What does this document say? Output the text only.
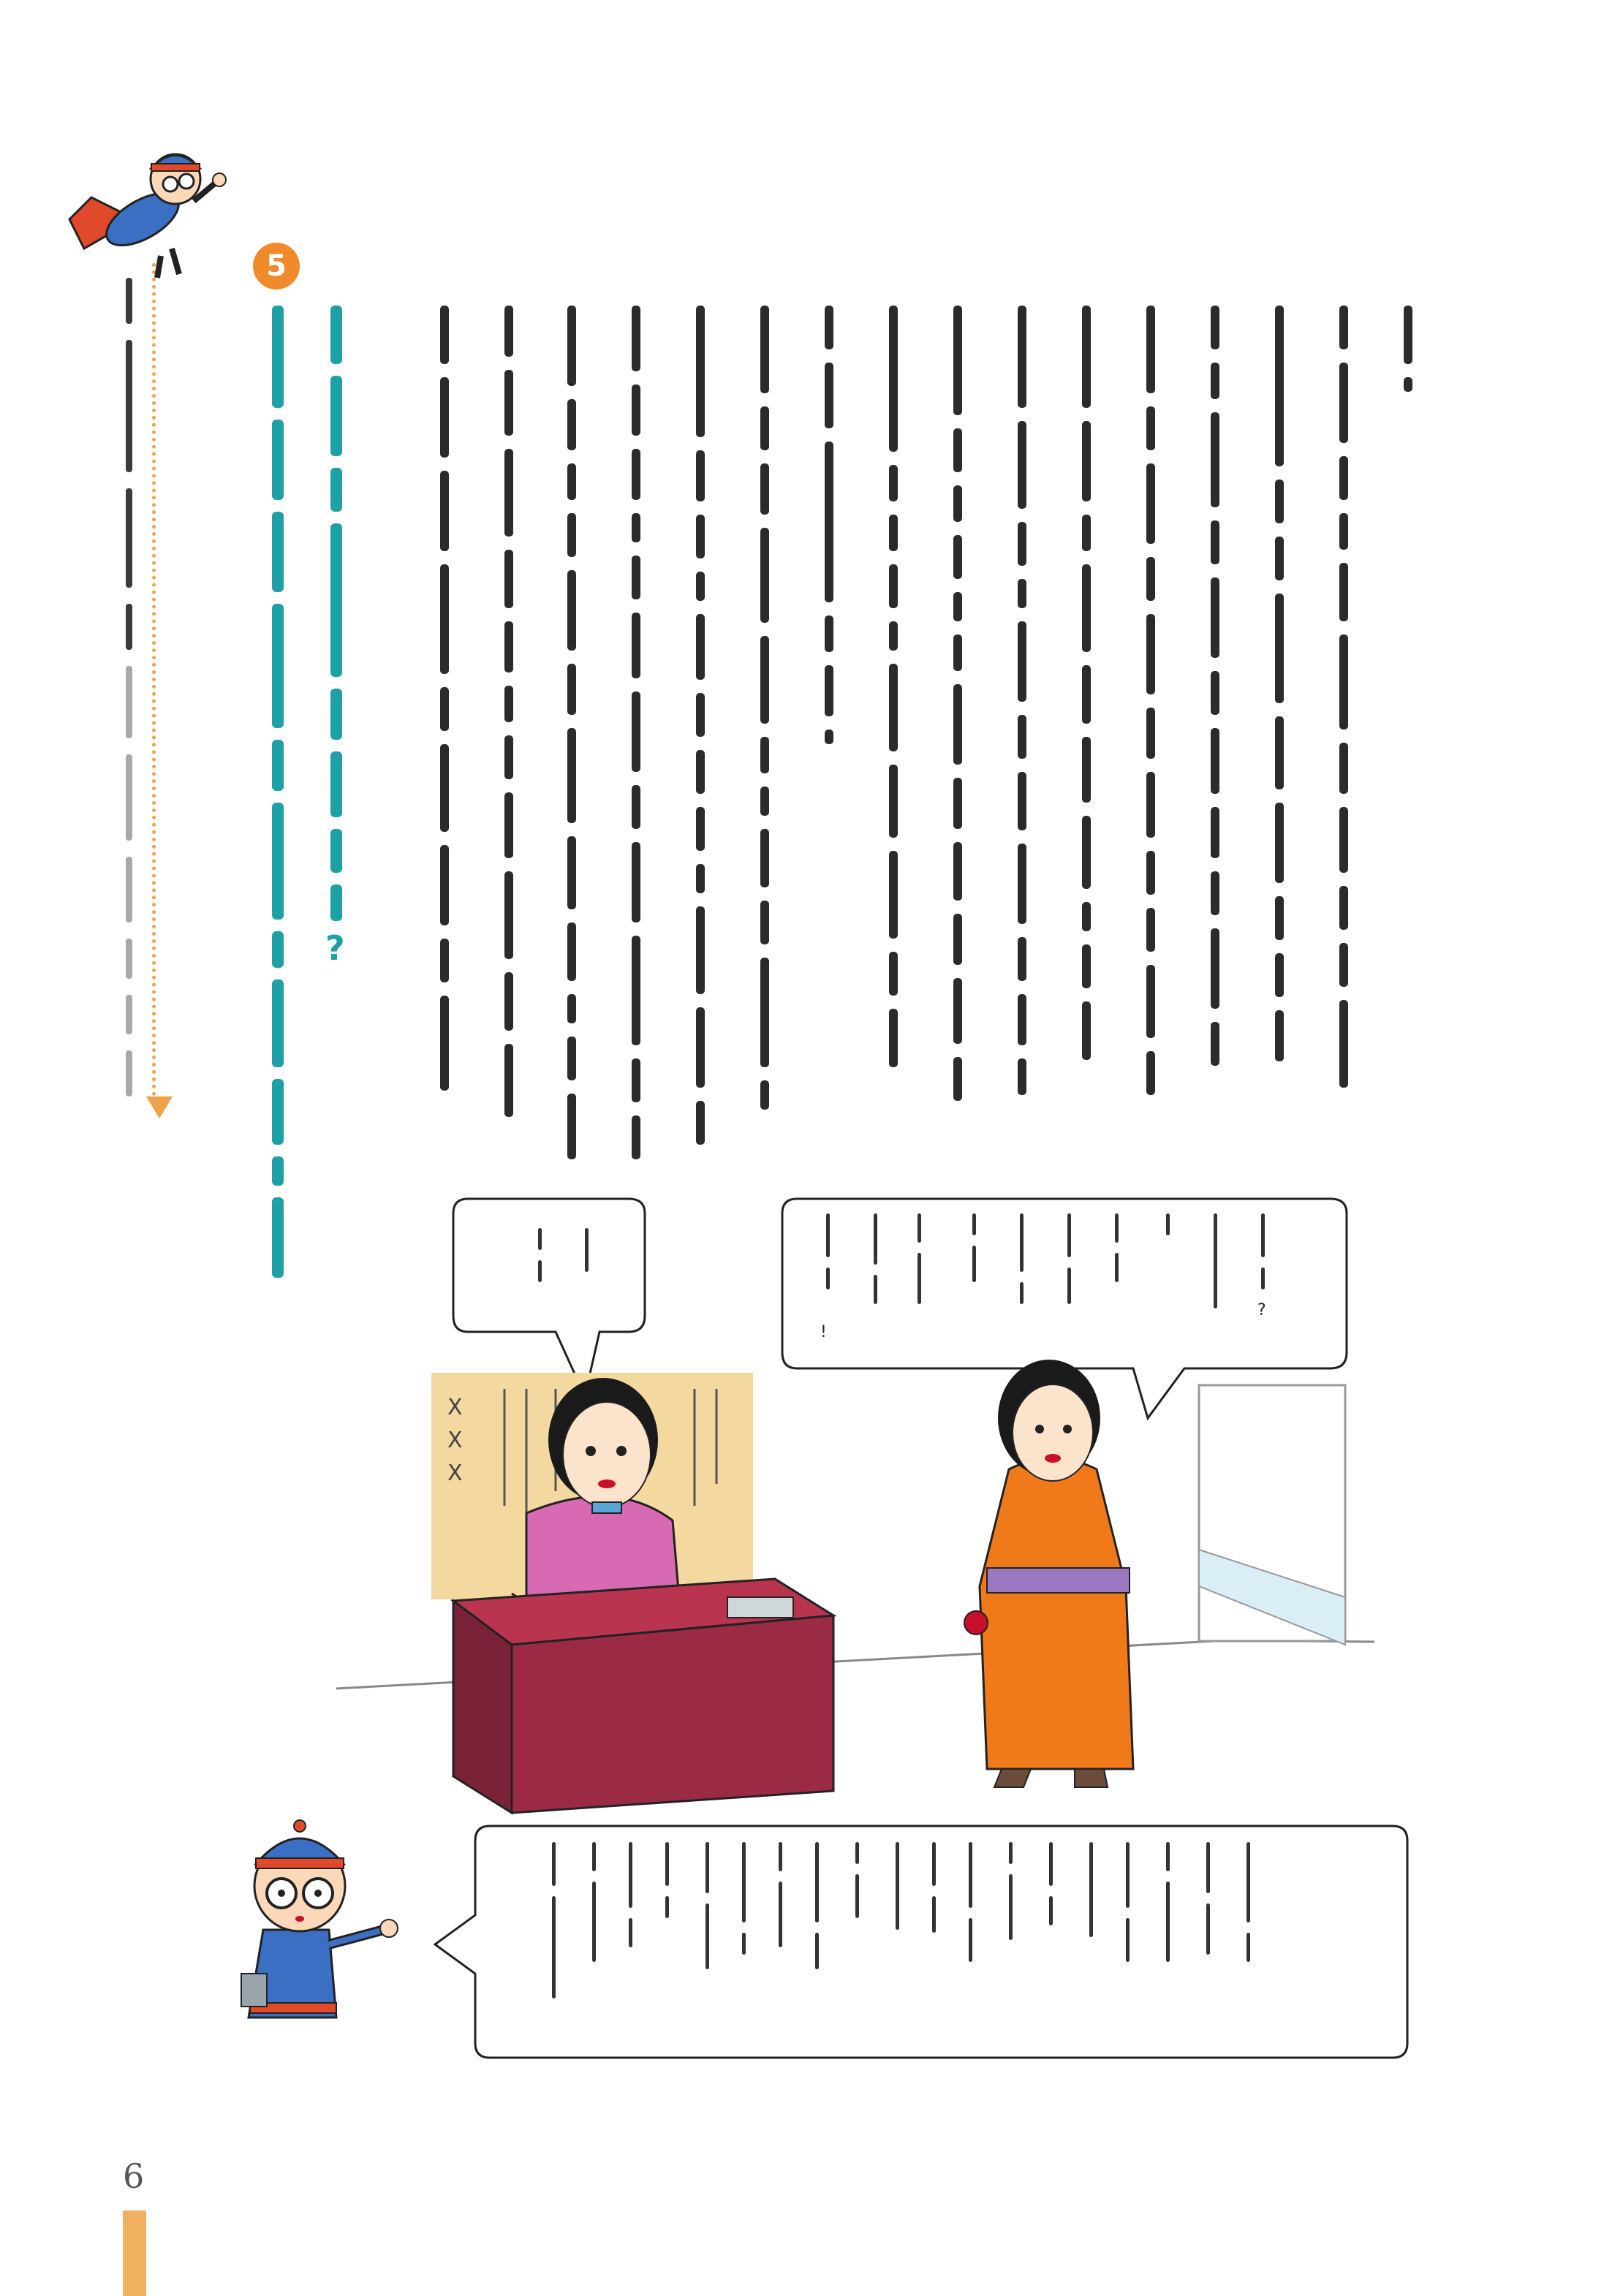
6
5
?
X
X
X
!
?
